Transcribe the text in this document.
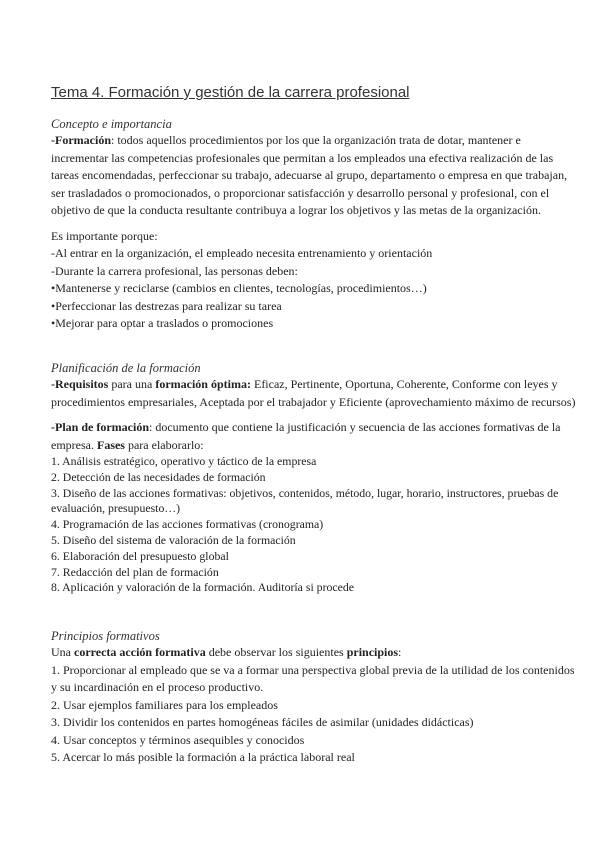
Tema 4. Formación y gestión de la carrera profesional
Concepto e importancia
-Formación: todos aquellos procedimientos por los que la organización trata de dotar, mantener e incrementar las competencias profesionales que permitan a los empleados una efectiva realización de las tareas encomendadas, perfeccionar su trabajo, adecuarse al grupo, departamento o empresa en que trabajan, ser trasladados o promocionados, o proporcionar satisfacción y desarrollo personal y profesional, con el objetivo de que la conducta resultante contribuya a lograr los objetivos y las metas de la organización.
Es importante porque:
-Al entrar en la organización, el empleado necesita entrenamiento y orientación
-Durante la carrera profesional, las personas deben:
•Mantenerse y reciclarse (cambios en clientes, tecnologías, procedimientos…)
•Perfeccionar las destrezas para realizar su tarea
•Mejorar para optar a traslados o promociones
Planificación de la formación
-Requisitos para una formación óptima: Eficaz, Pertinente, Oportuna, Coherente, Conforme con leyes y procedimientos empresariales, Aceptada por el trabajador y Eficiente (aprovechamiento máximo de recursos)
-Plan de formación: documento que contiene la justificación y secuencia de las acciones formativas de la empresa. Fases para elaborarlo:
1. Análisis estratégico, operativo y táctico de la empresa
2. Detección de las necesidades de formación
3. Diseño de las acciones formativas: objetivos, contenidos, método, lugar, horario, instructores, pruebas de evaluación, presupuesto…)
4. Programación de las acciones formativas (cronograma)
5. Diseño del sistema de valoración de la formación
6. Elaboración del presupuesto global
7. Redacción del plan de formación
8. Aplicación y valoración de la formación. Auditoría si procede
Principios formativos
Una correcta acción formativa debe observar los siguientes principios:
1. Proporcionar al empleado que se va a formar una perspectiva global previa de la utilidad de los contenidos y su incardinación en el proceso productivo.
2. Usar ejemplos familiares para los empleados
3. Dividir los contenidos en partes homogéneas fáciles de asimilar (unidades didácticas)
4. Usar conceptos y términos asequibles y conocidos
5. Acercar lo más posible la formación a la práctica laboral real
